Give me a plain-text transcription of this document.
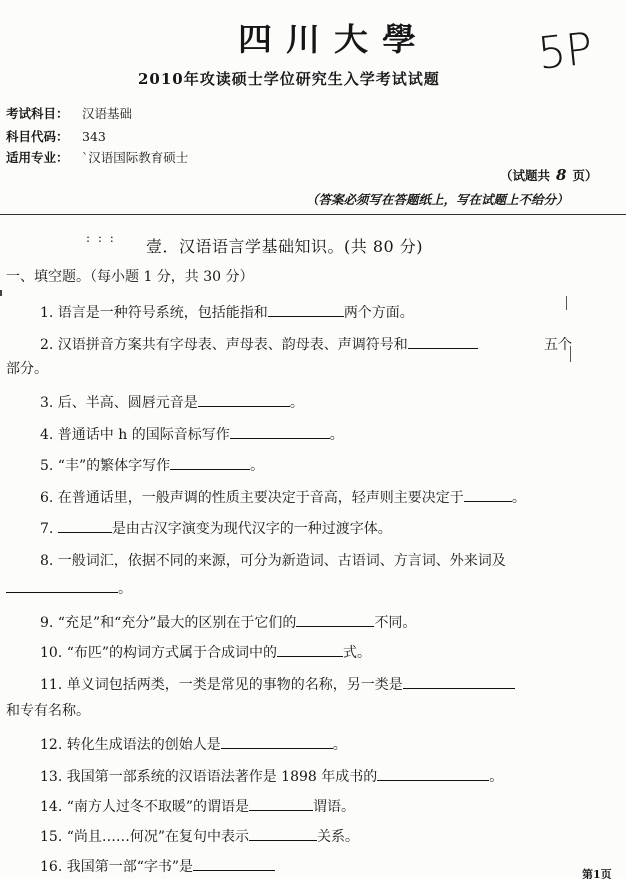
四川大學 5P
2010年攻读硕士学位研究生入学考试试题
考试科目： 汉语基础
科目代码： 343
适用专业： `汉语国际教育硕士
（试题共 8 页）
（答案必须写在答题纸上，写在试题上不给分）
: : : 壹．汉语语言学基础知识。(共 80 分)
一、填空题。（每小题 1 分，共 30 分）
1. 语言是一种符号系统，包括能指和	两个方面。
2. 汉语拼音方案共有字母表、声母表、韵母表、声调符号和	五个
部分。
3. 后、半高、圆唇元音是	。
4. 普通话中 h 的国际音标写作	。
5. “丰”的繁体字写作	。
6. 在普通话里，一般声调的性质主要决定于音高，轻声则主要决定于	。
7.	是由古汉字演变为现代汉字的一种过渡字体。
8. 一般词汇，依据不同的来源，可分为新造词、古语词、方言词、外来词及
。
9. “充足”和“充分”最大的区别在于它们的	不同。
10. “布匹”的构词方式属于合成词中的	式。
11. 单义词包括两类，一类是常见的事物的名称，另一类是
和专有名称。
12. 转化生成语法的创始人是	。
13. 我国第一部系统的汉语语法著作是 1898 年成书的	。
14. “南方人过冬不取暖”的谓语是	谓语。
15. “尚且……何况”在复句中表示	关系。
16. 我国第一部“字书”是	第1页
